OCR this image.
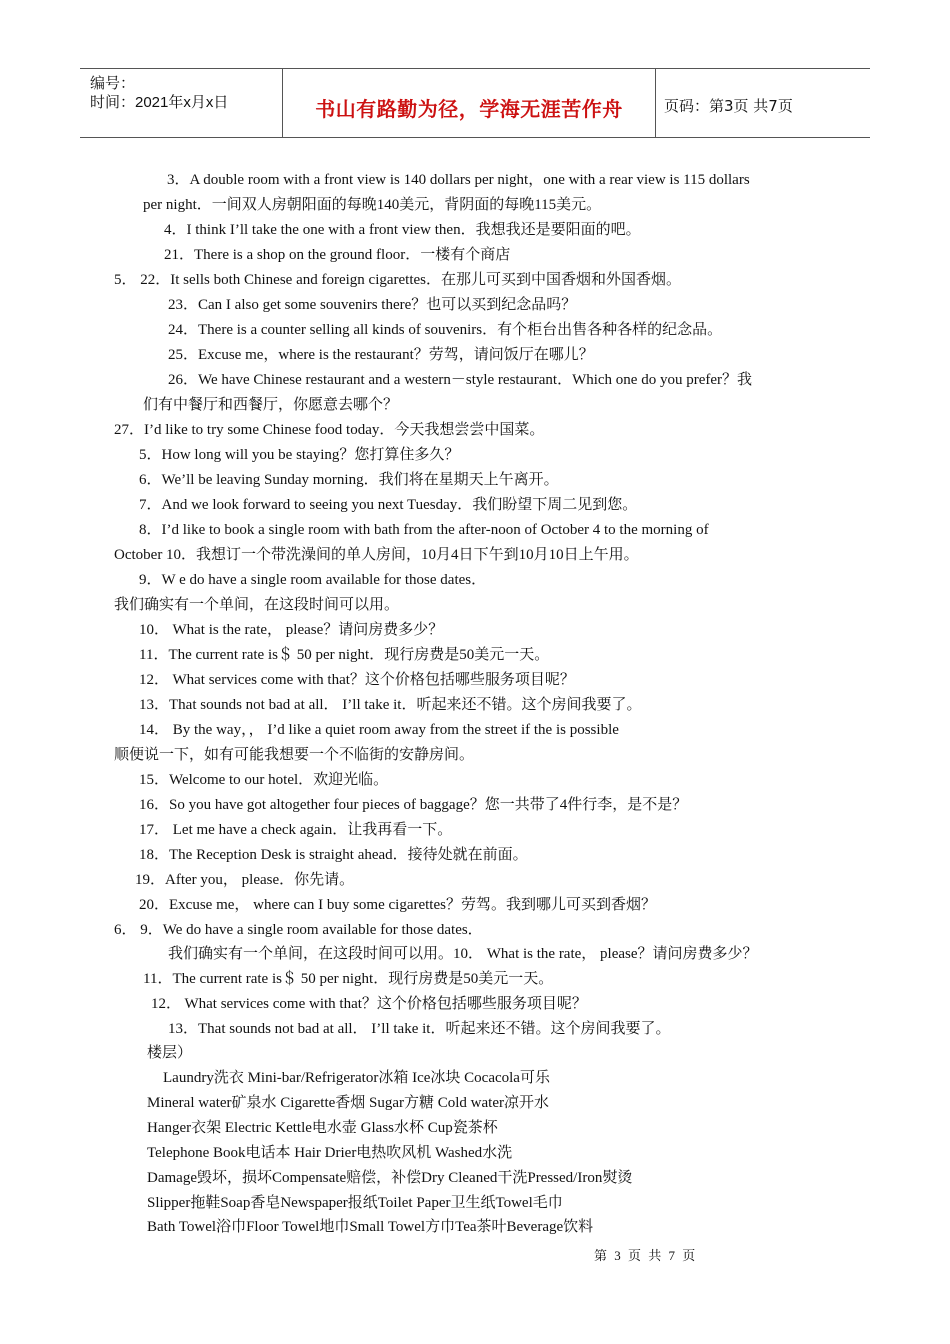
编号：
时间：2021年x月x日	书山有路勤为径，学海无涯苦作舟	页码：第3页 共7页
3．A double room with a front view is 140 dollars per night，one with a rear view is 115 dollars
per night．一间双人房朝阳面的每晚140美元，背阴面的每晚115美元。
4．I think I’ll take the one with a front view then．我想我还是要阳面的吧。
21．There is a shop on the ground floor．一楼有个商店
5． 22．It sells both Chinese and foreign cigarettes．在那儿可买到中国香烟和外国香烟。
23．Can I also get some souvenirs there？也可以买到纪念品吗？
24．There is a counter selling all kinds of souvenirs．有个柜台出售各种各样的纪念品。
25．Excuse me，where is the restaurant？劳驾，请问饭厅在哪儿？
26．We have Chinese restaurant and a western－style restaurant．Which one do you prefer？我
们有中餐厅和西餐厅，你愿意去哪个？
27．I’d like to try some Chinese food today．今天我想尝尝中国菜。
5．How long will you be staying？您打算住多久？
6．We’ll be leaving Sunday morning．我们将在星期天上午离开。
7．And we look forward to seeing you next Tuesday．我们盼望下周二见到您。
8．I’d like to book a single room with bath from the after-noon of October 4 to the morning of
October 10．我想订一个带洗澡间的单人房间，10月4日下午到10月10日上午用。
9．W e do have a single room available for those dates．
我们确实有一个单间，在这段时间可以用。
10． What is the rate， please？请问房费多少？
11．The current rate is＄ 50 per night．现行房费是50美元一天。
12． What services come with that？这个价格包括哪些服务项目呢？
13．That sounds not bad at all． I’ll take it．听起来还不错。这个房间我要了。
14． By the way，， I’d like a quiet room away from the street if the is possible
顺便说一下，如有可能我想要一个不临街的安静房间。
15．Welcome to our hotel．欢迎光临。
16．So you have got altogether four pieces of baggage？您一共带了4件行李，是不是？
17． Let me have a check again．让我再看一下。
18．The Reception Desk is straight ahead．接待处就在前面。
19．After you， please．你先请。
20．Excuse me， where can I buy some cigarettes？劳驾。我到哪儿可买到香烟？
6． 9．We do have a single room available for those dates．
我们确实有一个单间，在这段时间可以用。10． What is the rate， please？请问房费多少？
11．The current rate is＄ 50 per night．现行房费是50美元一天。
12． What services come with that？这个价格包括哪些服务项目呢？
13．That sounds not bad at all． I’ll take it．听起来还不错。这个房间我要了。
楼层）
Laundry洗衣 Mini-bar/Refrigerator冰箱 Ice冰块 Cocacola可乐
Mineral water矿泉水 Cigarette香烟 Sugar方糖 Cold water凉开水
Hanger衣架 Electric Kettle电水壶 Glass水杯 Cup瓷茶杯
Telephone Book电话本 Hair Drier电热吹风机 Washed水洗
Damage毁坏，损坏Compensate赔偿，补偿Dry Cleaned干洗Pressed/Iron熨烫
Slipper拖鞋Soap香皂Newspaper报纸Toilet Paper卫生纸Towel毛巾
Bath Towel浴巾Floor Towel地巾Small Towel方巾Tea茶叶Beverage饮料
第 3 页 共 7 页
